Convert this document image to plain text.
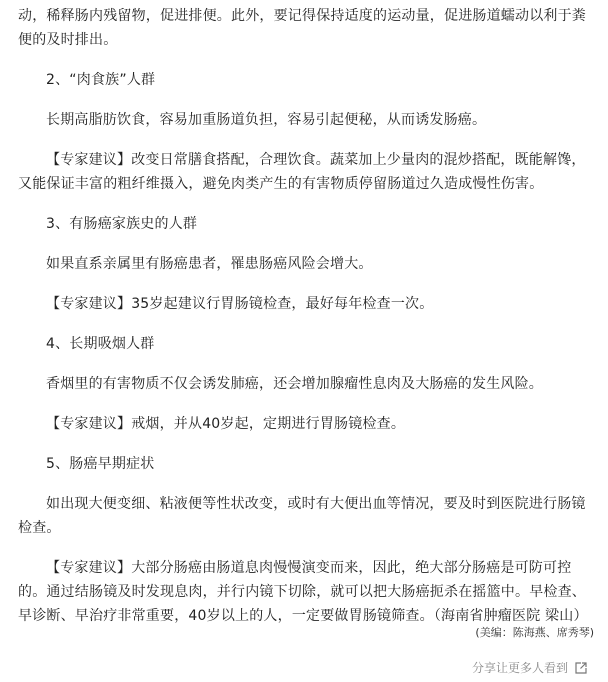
动，稀释肠内残留物，促进排便。此外，要记得保持适度的运动量，促进肠道蠕动以利于粪便的及时排出。

2、“肉食族”人群

长期高脂肪饮食，容易加重肠道负担，容易引起便秘，从而诱发肠癌。

【专家建议】改变日常膳食搭配，合理饮食。蔬菜加上少量肉的混炒搭配，既能解馋，又能保证丰富的粗纤维摄入，避免肉类产生的有害物质停留肠道过久造成慢性伤害。

3、有肠癌家族史的人群

如果直系亲属里有肠癌患者，罹患肠癌风险会增大。

【专家建议】35岁起建议行胃肠镜检查，最好每年检查一次。

4、长期吸烟人群

香烟里的有害物质不仅会诱发肺癌，还会增加腺瘤性息肉及大肠癌的发生风险。

【专家建议】戒烟，并从40岁起，定期进行胃肠镜检查。

5、肠癌早期症状

如出现大便变细、粘液便等性状改变，或时有大便出血等情况，要及时到医院进行肠镜检查。

【专家建议】大部分肠癌由肠道息肉慢慢演变而来，因此，绝大部分肠癌是可防可控的。通过结肠镜及时发现息肉，并行内镜下切除，就可以把大肠癌扼杀在摇篮中。早检查、早诊断、早治疗非常重要，40岁以上的人，一定要做胃肠镜筛查。（海南省肿瘤医院 梁山）

(美编：陈海燕、席秀琴)
分享让更多人看到
